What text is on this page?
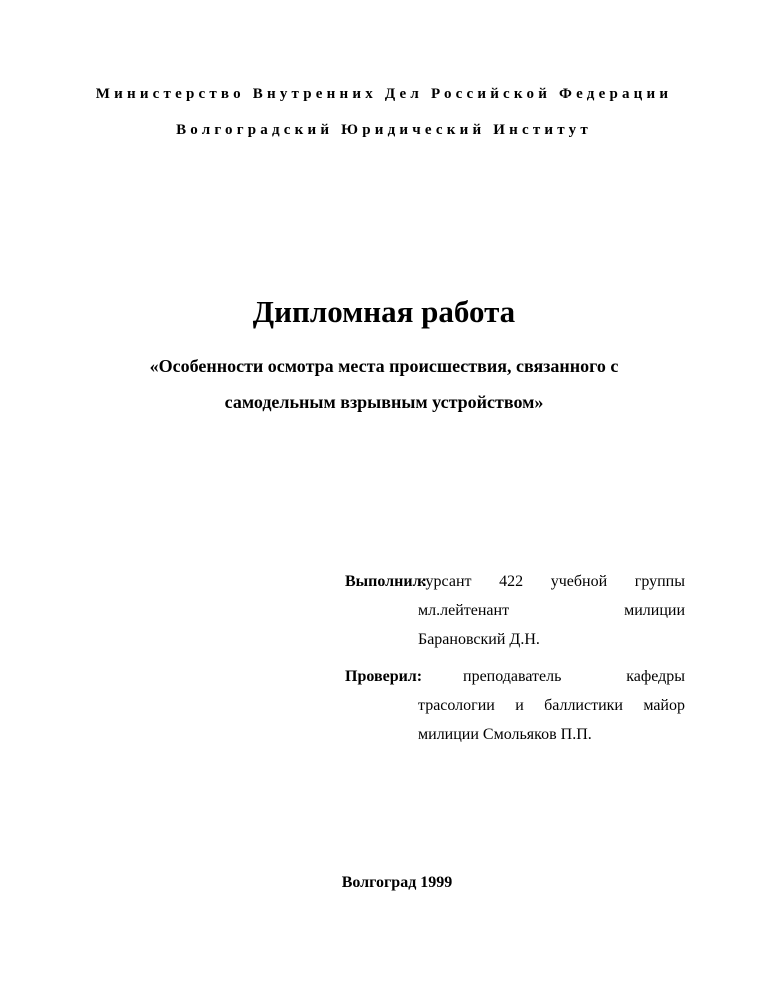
Министерство Внутренних Дел Российской Федерации
Волгоградский Юридический Институт
Дипломная работа
«Особенности осмотра места происшествия, связанного с
самодельным взрывным устройством»
Выполнил:
курсант 422 учебной группы
мл.лейтенант	милиции
Барановский Д.Н.
Проверил:	преподаватель	кафедры
трасологии и баллистики майор
милиции Смольяков П.П.
Волгоград 1999
